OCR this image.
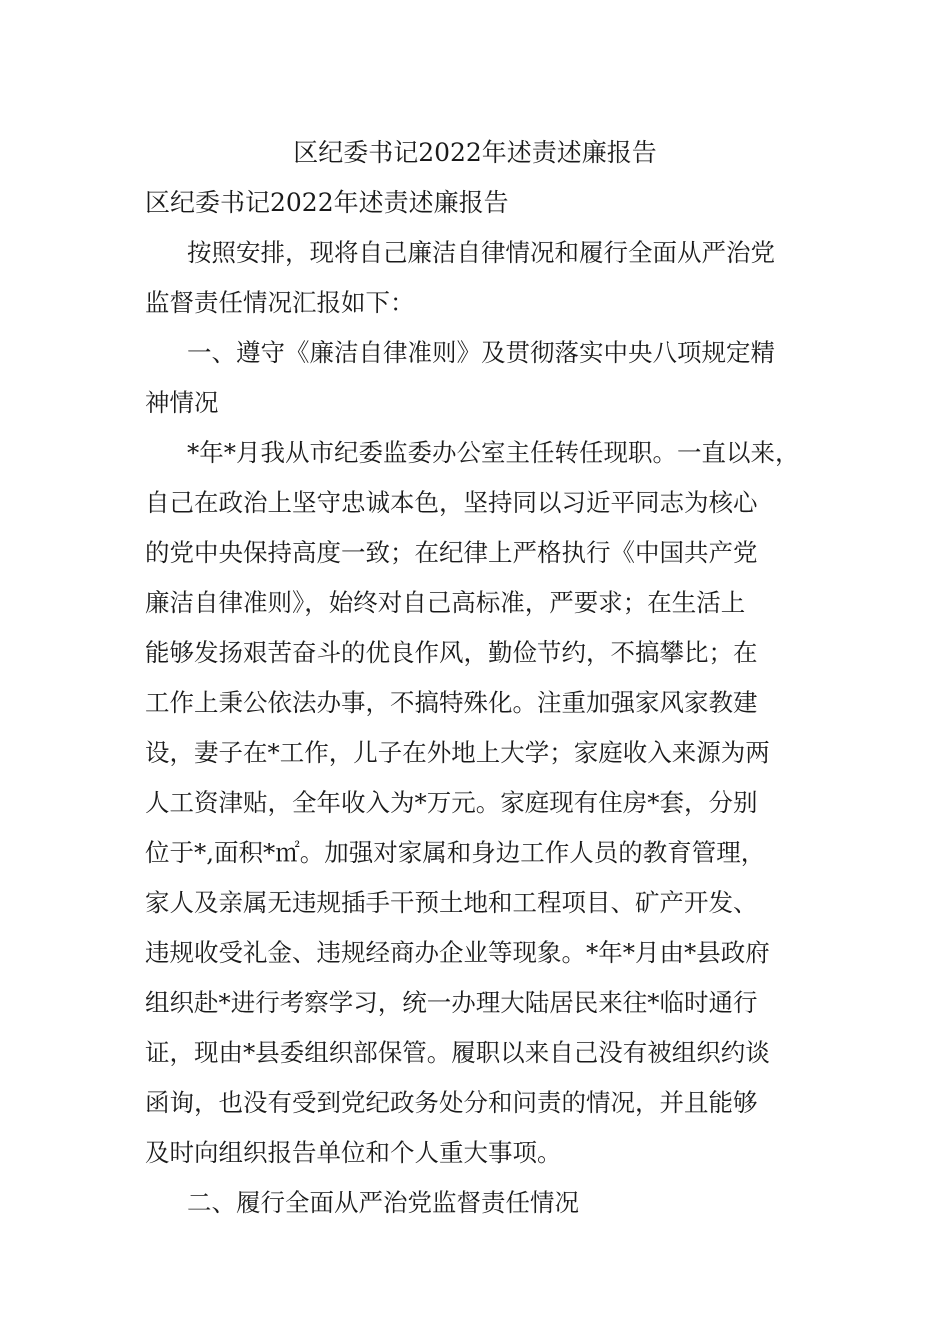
区纪委书记2022年述责述廉报告
区纪委书记2022年述责述廉报告
按照安排，现将自己廉洁自律情况和履行全面从严治党
监督责任情况汇报如下：
一、遵守《廉洁自律准则》及贯彻落实中央八项规定精
神情况
*年*月我从市纪委监委办公室主任转任现职。一直以来，
自己在政治上坚守忠诚本色，坚持同以习近平同志为核心
的党中央保持高度一致；在纪律上严格执行《中国共产党
廉洁自律准则》，始终对自己高标准，严要求；在生活上
能够发扬艰苦奋斗的优良作风，勤俭节约，不搞攀比；在
工作上秉公依法办事，不搞特殊化。注重加强家风家教建
设，妻子在*工作，儿子在外地上大学；家庭收入来源为两
人工资津贴，全年收入为*万元。家庭现有住房*套，分别
位于*,面积*㎡。加强对家属和身边工作人员的教育管理，
家人及亲属无违规插手干预土地和工程项目、矿产开发、
违规收受礼金、违规经商办企业等现象。*年*月由*县政府
组织赴*进行考察学习，统一办理大陆居民来往*临时通行
证，现由*县委组织部保管。履职以来自己没有被组织约谈
函询，也没有受到党纪政务处分和问责的情况，并且能够
及时向组织报告单位和个人重大事项。
二、履行全面从严治党监督责任情况
